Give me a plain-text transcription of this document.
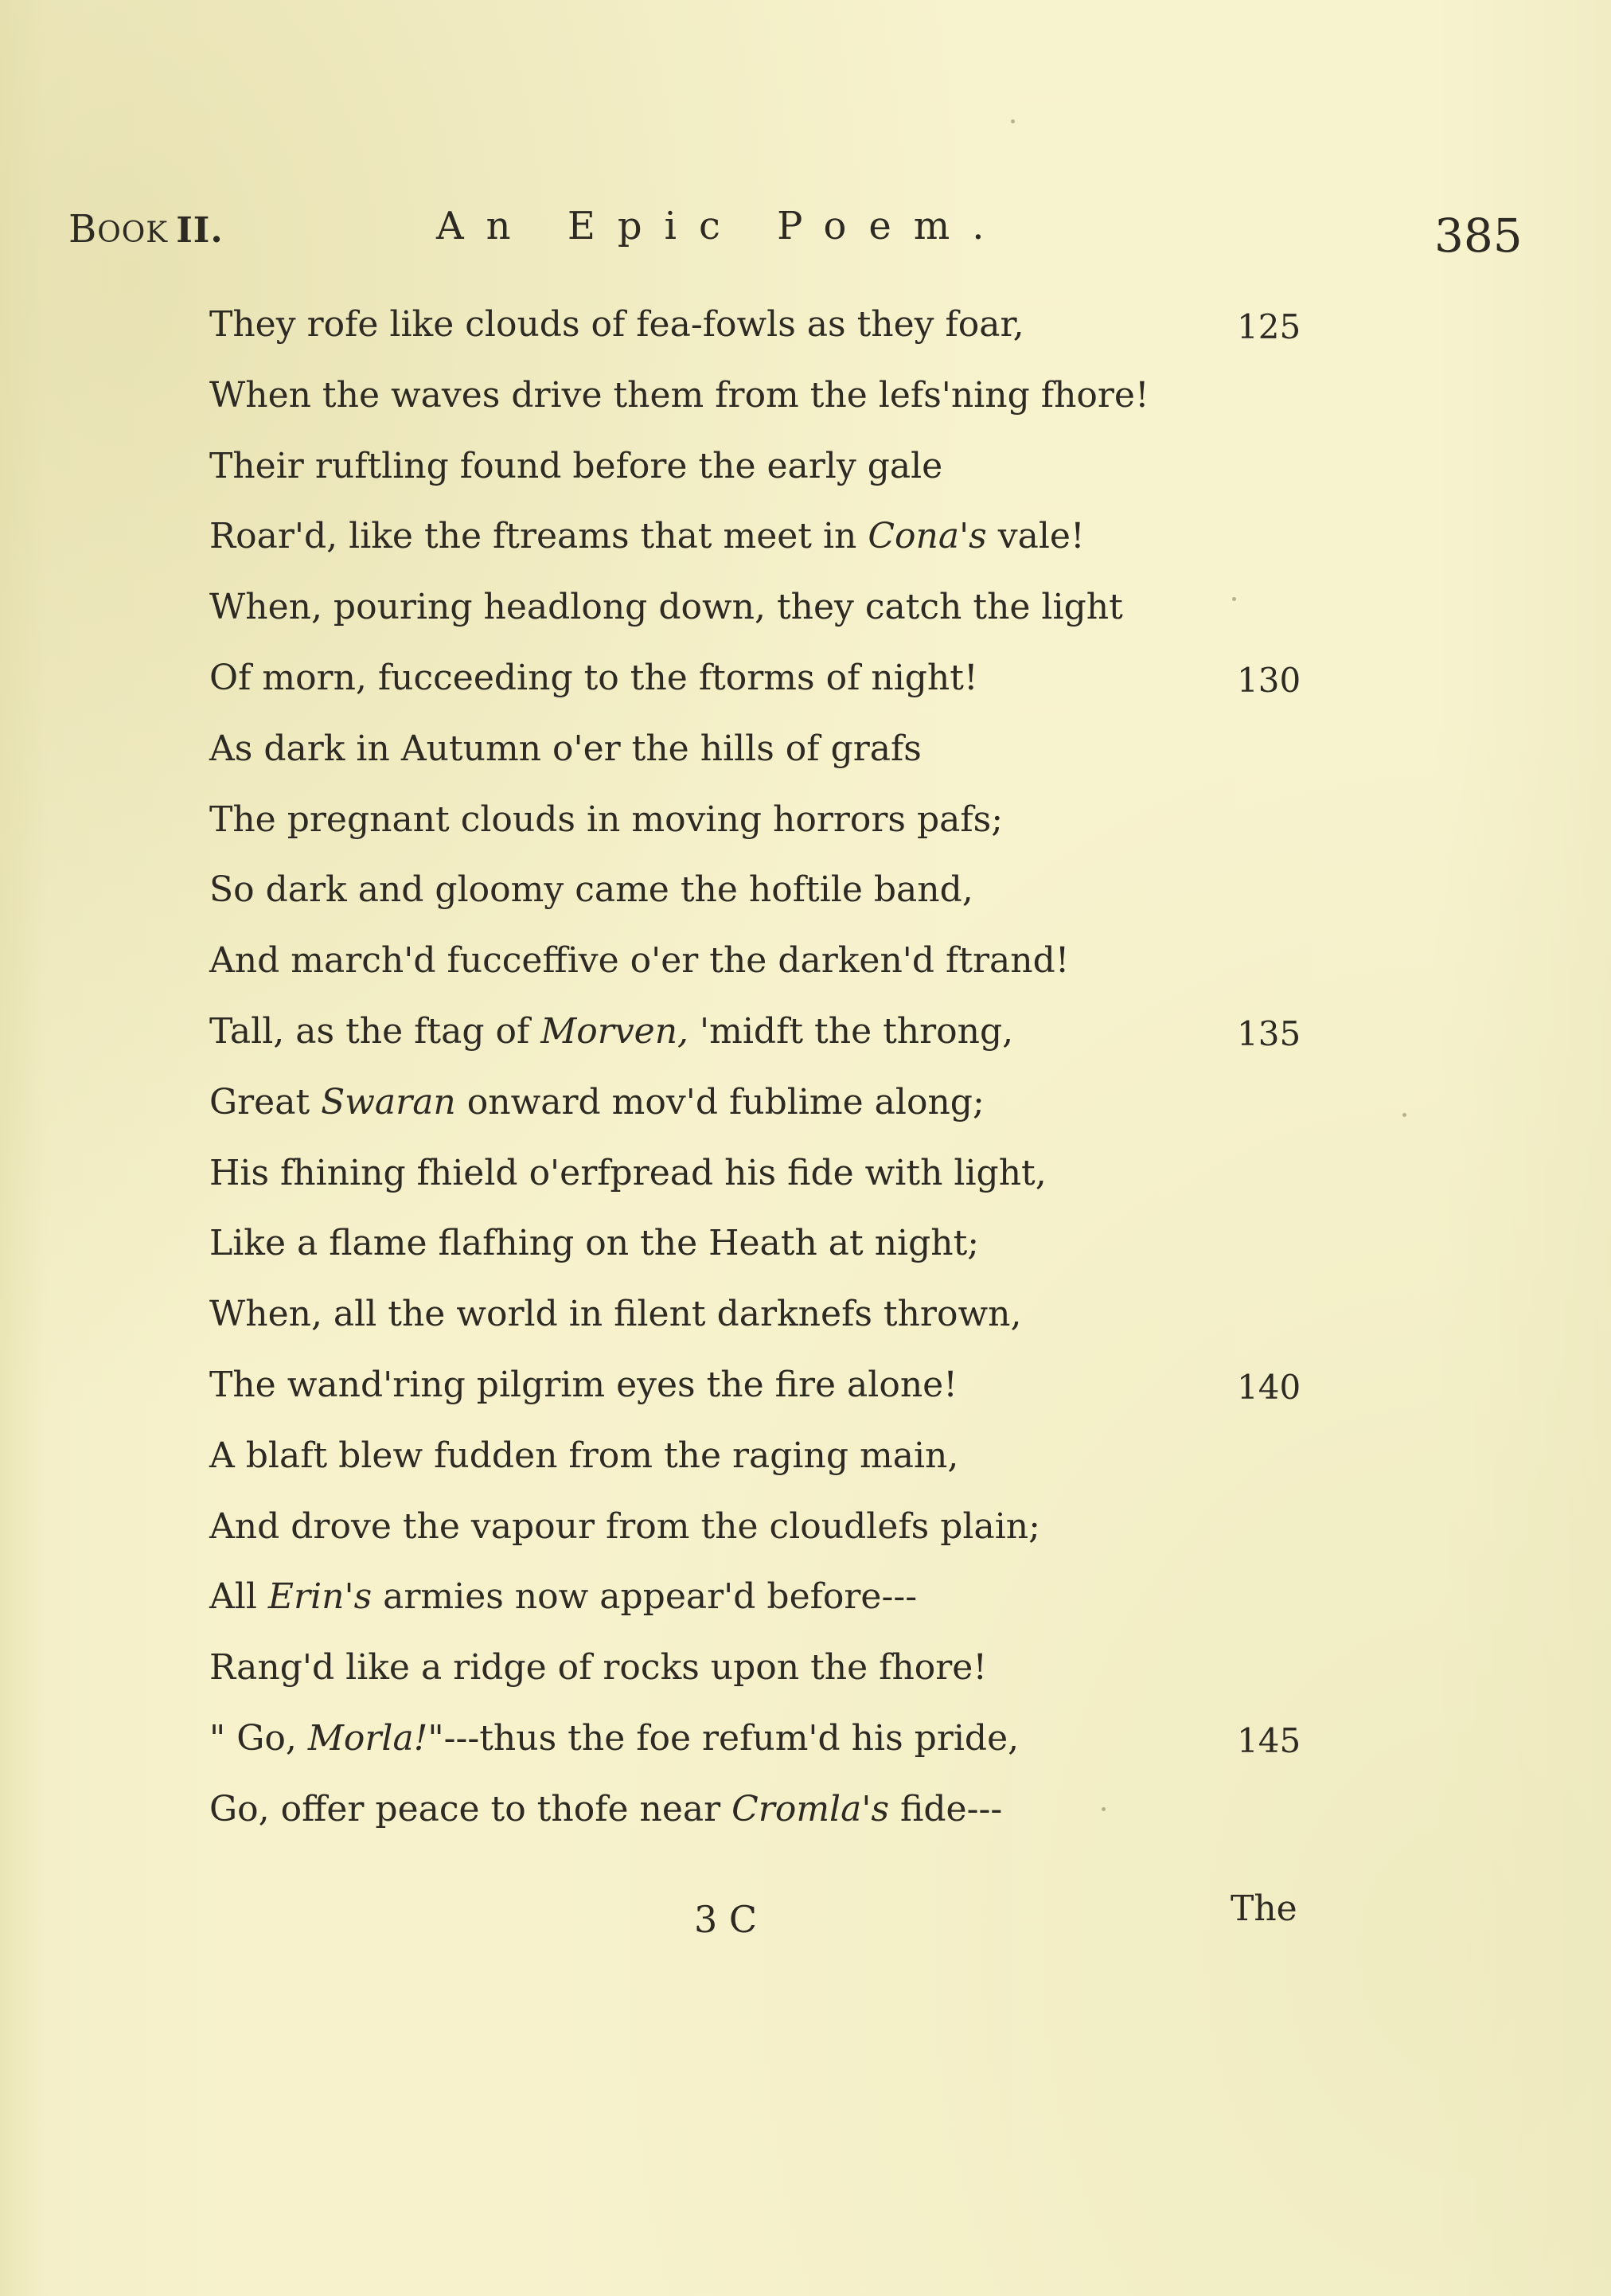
BOOK II.	An Epic Poem.	385
They rofe like clouds of fea-fowls as they foar,	125
When the waves drive them from the lefs'ning fhore!
Their ruftling found before the early gale
Roar'd, like the ftreams that meet in Cona's vale!
When, pouring headlong down, they catch the light
Of morn, fucceeding to the ftorms of night!	130
As dark in Autumn o'er the hills of grafs
The pregnant clouds in moving horrors pafs;
So dark and gloomy came the hoftile band,
And march'd fucceffive o'er the darken'd ftrand!
Tall, as the ftag of Morven, 'midft the throng,	135
Great Swaran onward mov'd fublime along;
His fhining fhield o'erfpread his fide with light,
Like a flame flafhing on the Heath at night;
When, all the world in filent darknefs thrown,
The wand'ring pilgrim eyes the fire alone!	140
A blaft blew fudden from the raging main,
And drove the vapour from the cloudlefs plain;
All Erin's armies now appear'd before---
Rang'd like a ridge of rocks upon the fhore!
" Go, Morla!"---thus the foe refum'd his pride,	145
Go, offer peace to thofe near Cromla's fide---
3 C	The
